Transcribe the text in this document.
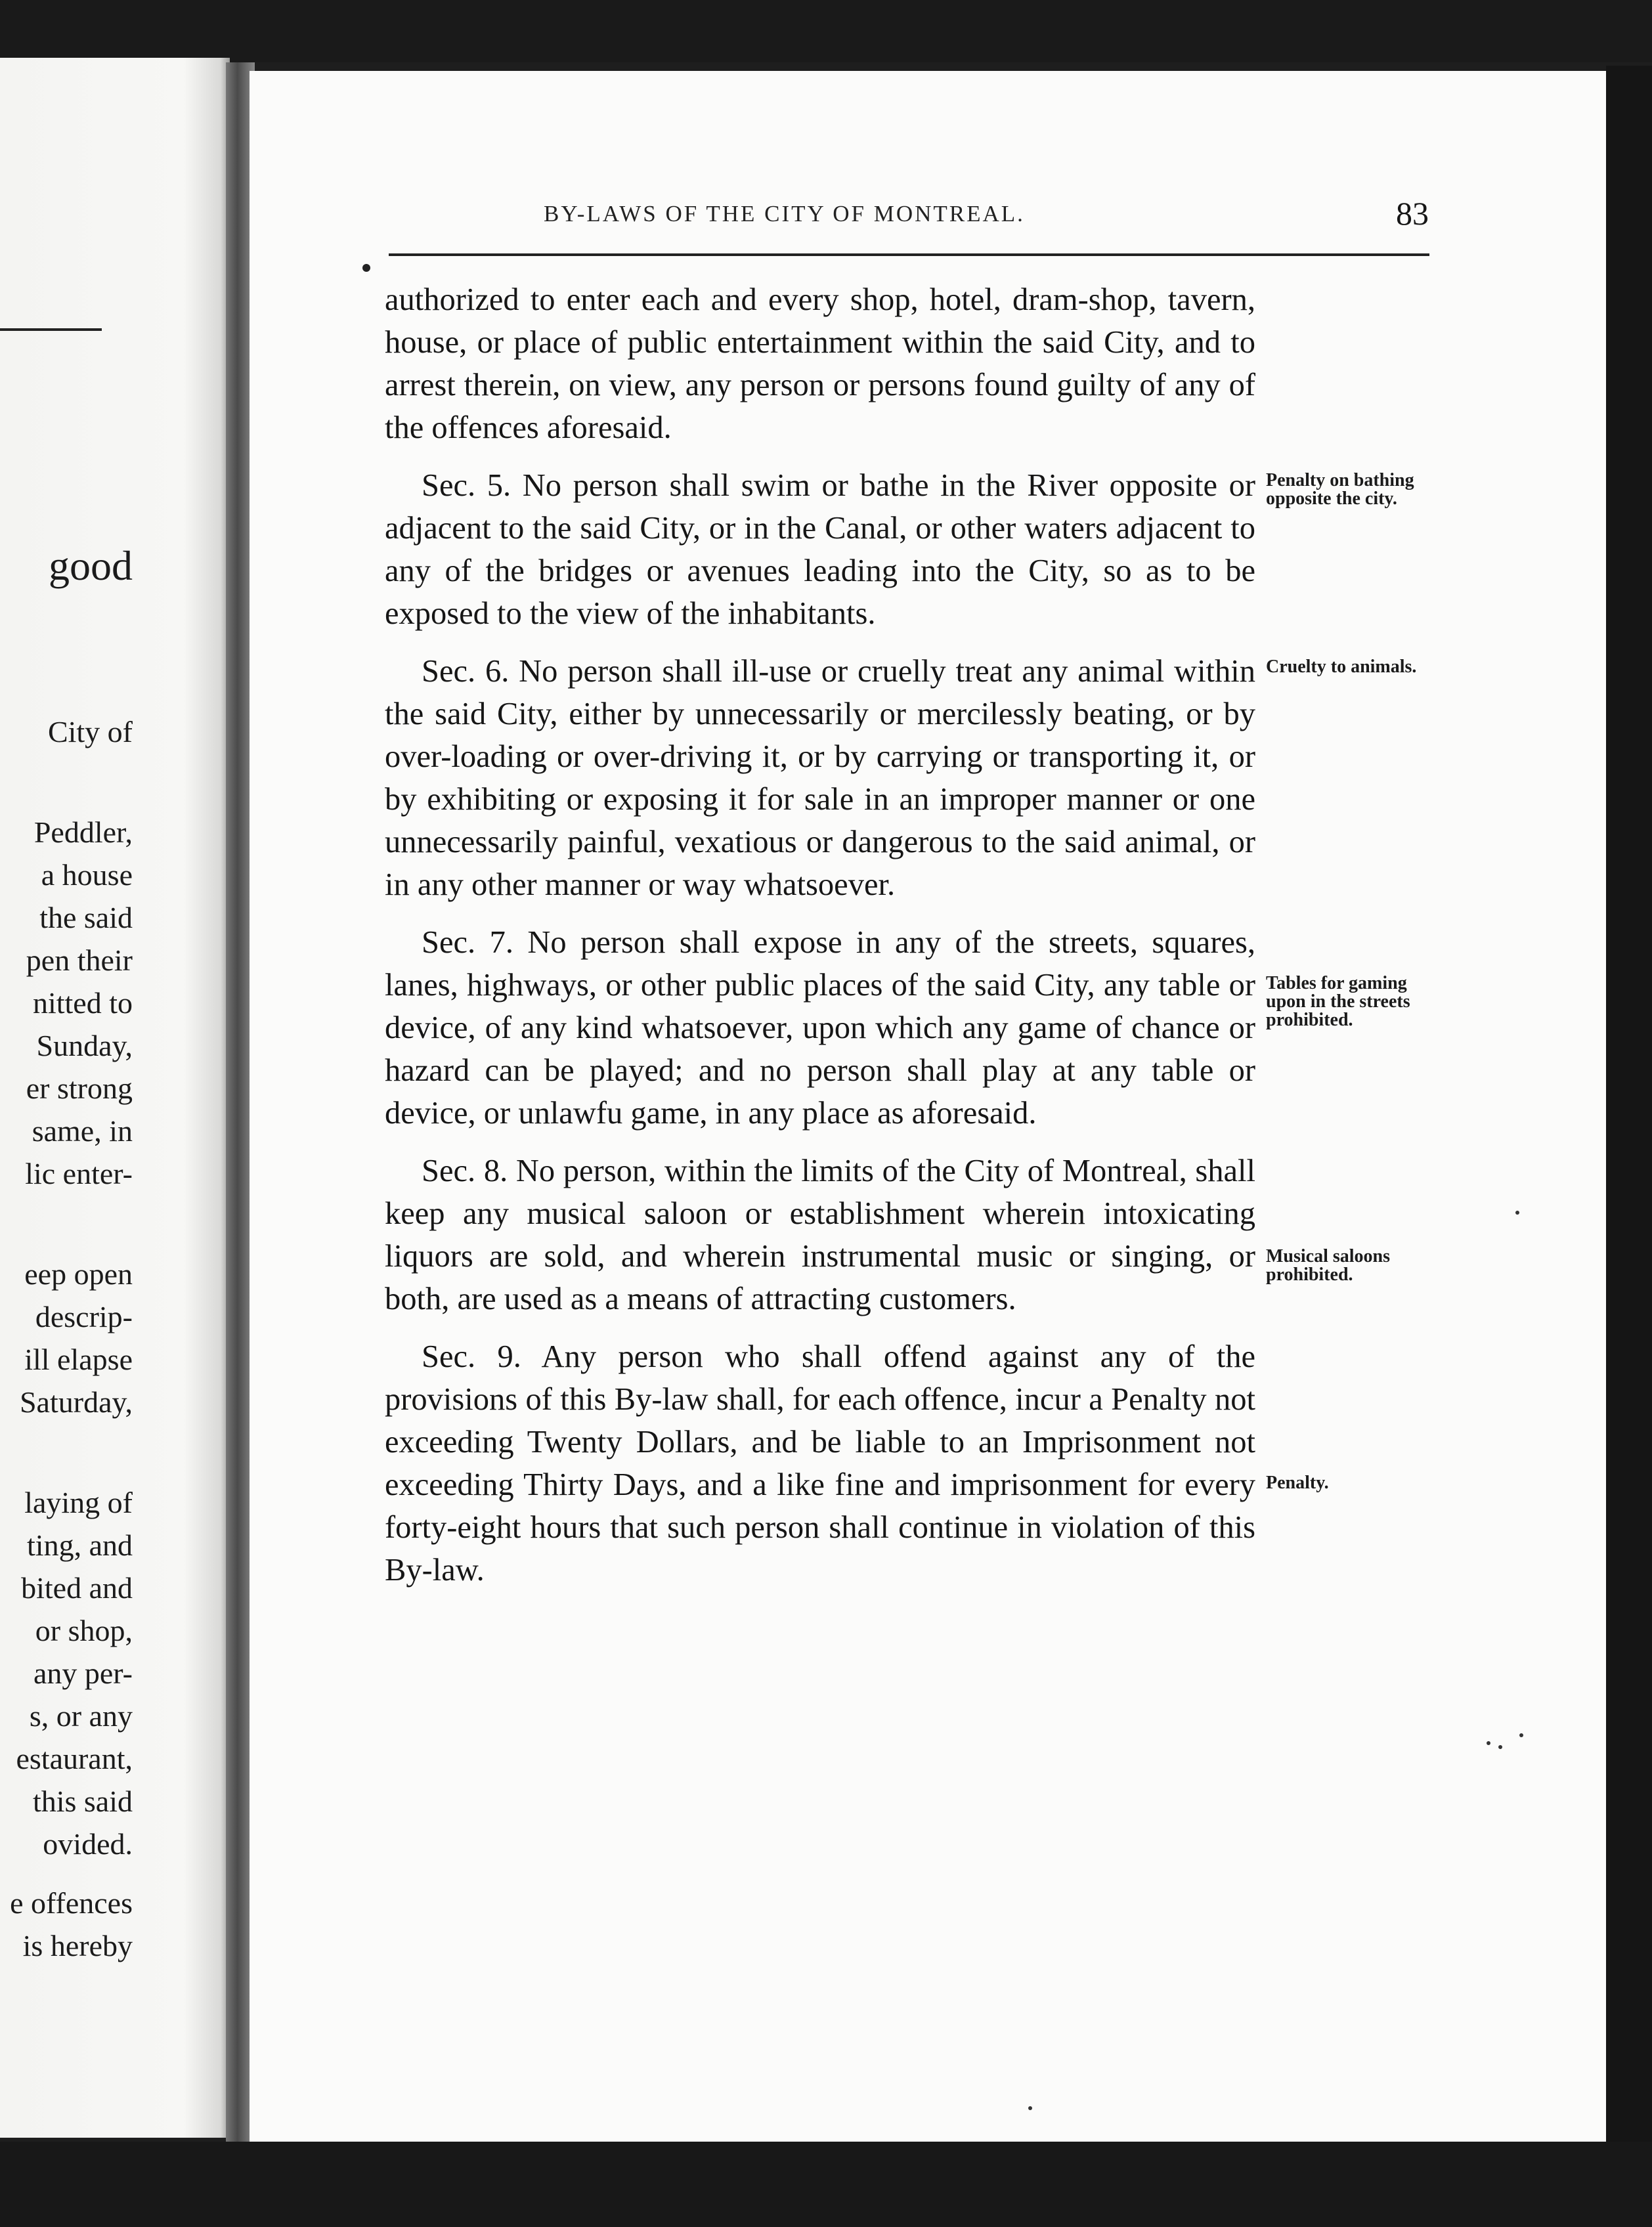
good
City of
Peddler,
a house
the said
pen their
nitted to
Sunday,
er strong
same, in
lic enter-
eep open
descrip-
ill elapse
Saturday,
laying of
ting, and
bited and
or shop,
any per-
s, or any
estaurant,
this said
ovided.
e offences
is hereby
BY-LAWS OF THE CITY OF MONTREAL.	83

authorized to enter each and every shop, hotel, dram-shop, tavern, house, or place of public entertainment within the said City, and to arrest therein, on view, any person or persons found guilty of any of the offences aforesaid.

Sec. 5. No person shall swim or bathe in the River opposite or adjacent to the said City, or in the Canal, or other waters adjacent to any of the bridges or avenues leading into the City, so as to be exposed to the view of the inhabitants.

Sec. 6. No person shall ill-use or cruelly treat any animal within the said City, either by unnecessarily or mercilessly beating, or by over-loading or over-driving it, or by carrying or transporting it, or by exhibiting or exposing it for sale in an improper manner or one unnecessarily painful, vexatious or dangerous to the said animal, or in any other manner or way whatsoever.

Sec. 7. No person shall expose in any of the streets, squares, lanes, highways, or other public places of the said City, any table or device, of any kind whatsoever, upon which any game of chance or hazard can be played; and no person shall play at any table or device, or unlawfu game, in any place as aforesaid.

Sec. 8. No person, within the limits of the City of Montreal, shall keep any musical saloon or establishment wherein intoxicating liquors are sold, and wherein instrumental music or singing, or both, are used as a means of attracting customers.

Sec. 9. Any person who shall offend against any of the provisions of this By-law shall, for each offence, incur a Penalty not exceeding Twenty Dollars, and be liable to an Imprisonment not exceeding Thirty Days, and a like fine and imprisonment for every forty-eight hours that such person shall continue in violation of this By-law.

Penalty on bathing opposite the city.
Cruelty to animals.
Tables for gaming upon in the streets prohibited.
Musical saloons prohibited.
Penalty.
